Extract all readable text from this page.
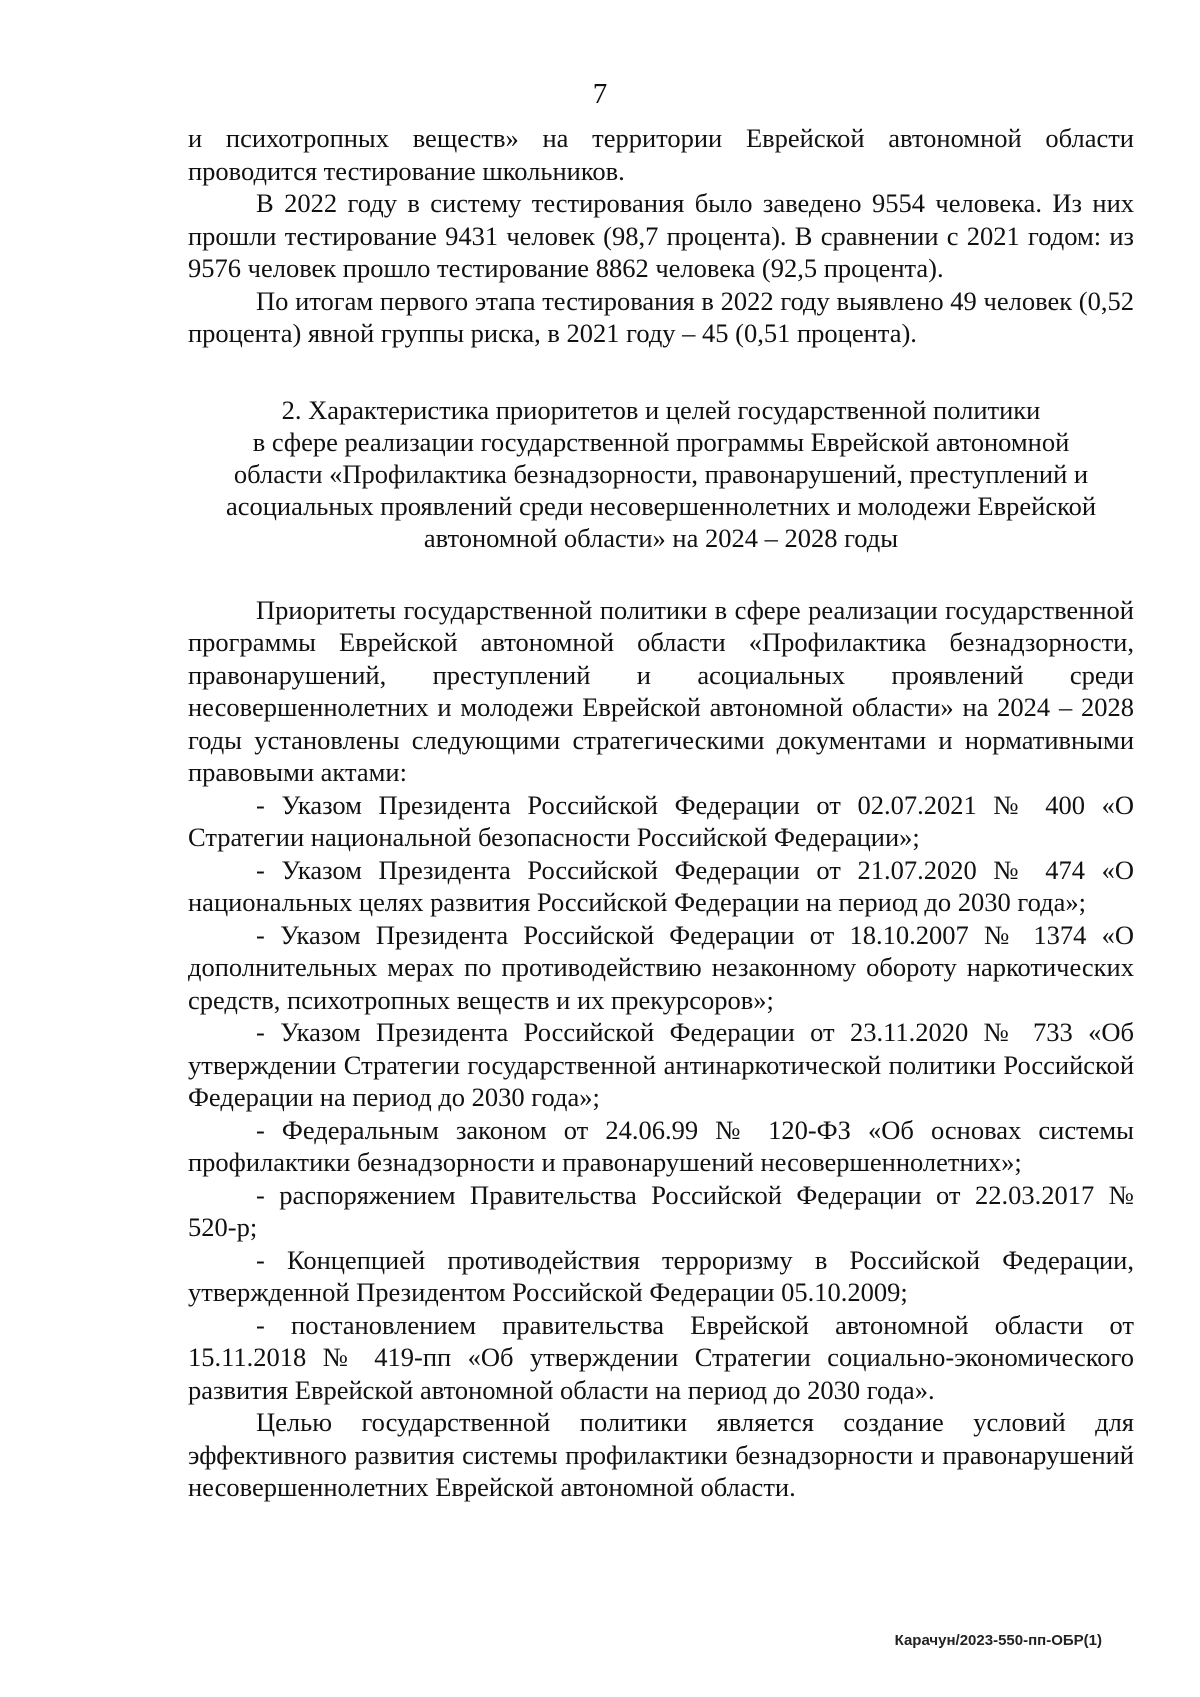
7

и психотропных веществ» на территории Еврейской автономной области проводится тестирование школьников.

В 2022 году в систему тестирования было заведено 9554 человека. Из них прошли тестирование 9431 человек (98,7 процента). В сравнении с 2021 годом: из 9576 человек прошло тестирование 8862 человека (92,5 процента).

По итогам первого этапа тестирования в 2022 году выявлено 49 человек (0,52 процента) явной группы риска, в 2021 году – 45 (0,51 процента).

2. Характеристика приоритетов и целей государственной политики
в сфере реализации государственной программы Еврейской автономной
области «Профилактика безнадзорности, правонарушений, преступлений и
асоциальных проявлений среди несовершеннолетних и молодежи Еврейской
автономной области» на 2024 – 2028 годы

Приоритеты государственной политики в сфере реализации государственной программы Еврейской автономной области «Профилактика безнадзорности, правонарушений, преступлений и асоциальных проявлений среди несовершеннолетних и молодежи Еврейской автономной области» на 2024 – 2028 годы установлены следующими стратегическими документами и нормативными правовыми актами:

- Указом Президента Российской Федерации от 02.07.2021 № 400 «О Стратегии национальной безопасности Российской Федерации»;

- Указом Президента Российской Федерации от 21.07.2020 № 474 «О национальных целях развития Российской Федерации на период до 2030 года»;

- Указом Президента Российской Федерации от 18.10.2007 № 1374 «О дополнительных мерах по противодействию незаконному обороту наркотических средств, психотропных веществ и их прекурсоров»;

- Указом Президента Российской Федерации от 23.11.2020 № 733 «Об утверждении Стратегии государственной антинаркотической политики Российской Федерации на период до 2030 года»;

- Федеральным законом от 24.06.99 № 120-ФЗ «Об основах системы профилактики безнадзорности и правонарушений несовершеннолетних»;

- распоряжением Правительства Российской Федерации от 22.03.2017 № 520-р;

- Концепцией противодействия терроризму в Российской Федерации, утвержденной Президентом Российской Федерации 05.10.2009;

- постановлением правительства Еврейской автономной области от 15.11.2018 № 419-пп «Об утверждении Стратегии социально-экономического развития Еврейской автономной области на период до 2030 года».

Целью государственной политики является создание условий для эффективного развития системы профилактики безнадзорности и правонарушений несовершеннолетних Еврейской автономной области.

Карачун/2023-550-пп-ОБР(1)
